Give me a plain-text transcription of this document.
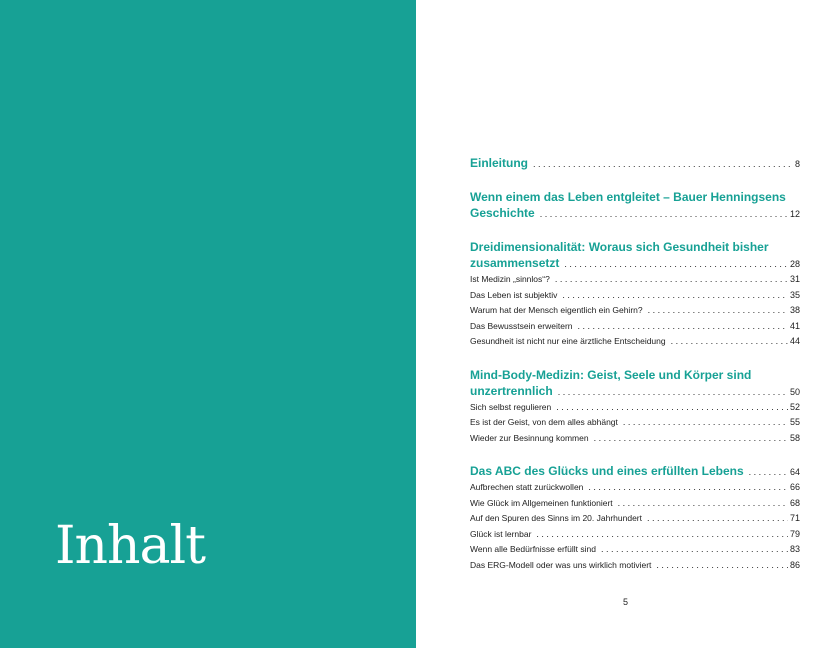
Inhalt
Einleitung . . .	8
Wenn einem das Leben entgleitet – Bauer Henningsens
Geschichte . . .	12
Dreidimensionalität: Woraus sich Gesundheit bisher
zusammensetzt . . .	28
Ist Medizin „sinnlos“? . . .	31
Das Leben ist subjektiv . . .	35
Warum hat der Mensch eigentlich ein Gehirn? . . .	38
Das Bewusstsein erweitern . . .	41
Gesundheit ist nicht nur eine ärztliche Entscheidung . . .	44
Mind-Body-Medizin: Geist, Seele und Körper sind
unzertrennlich . . .	50
Sich selbst regulieren . . .	52
Es ist der Geist, von dem alles abhängt . . .	55
Wieder zur Besinnung kommen . . .	58
Das ABC des Glücks und eines erfüllten Lebens . . .	64
Aufbrechen statt zurückwollen . . .	66
Wie Glück im Allgemeinen funktioniert . . .	68
Auf den Spuren des Sinns im 20. Jahrhundert . . .	71
Glück ist lernbar . . .	79
Wenn alle Bedürfnisse erfüllt sind . . .	83
Das ERG-Modell oder was uns wirklich motiviert . . .	86
5
